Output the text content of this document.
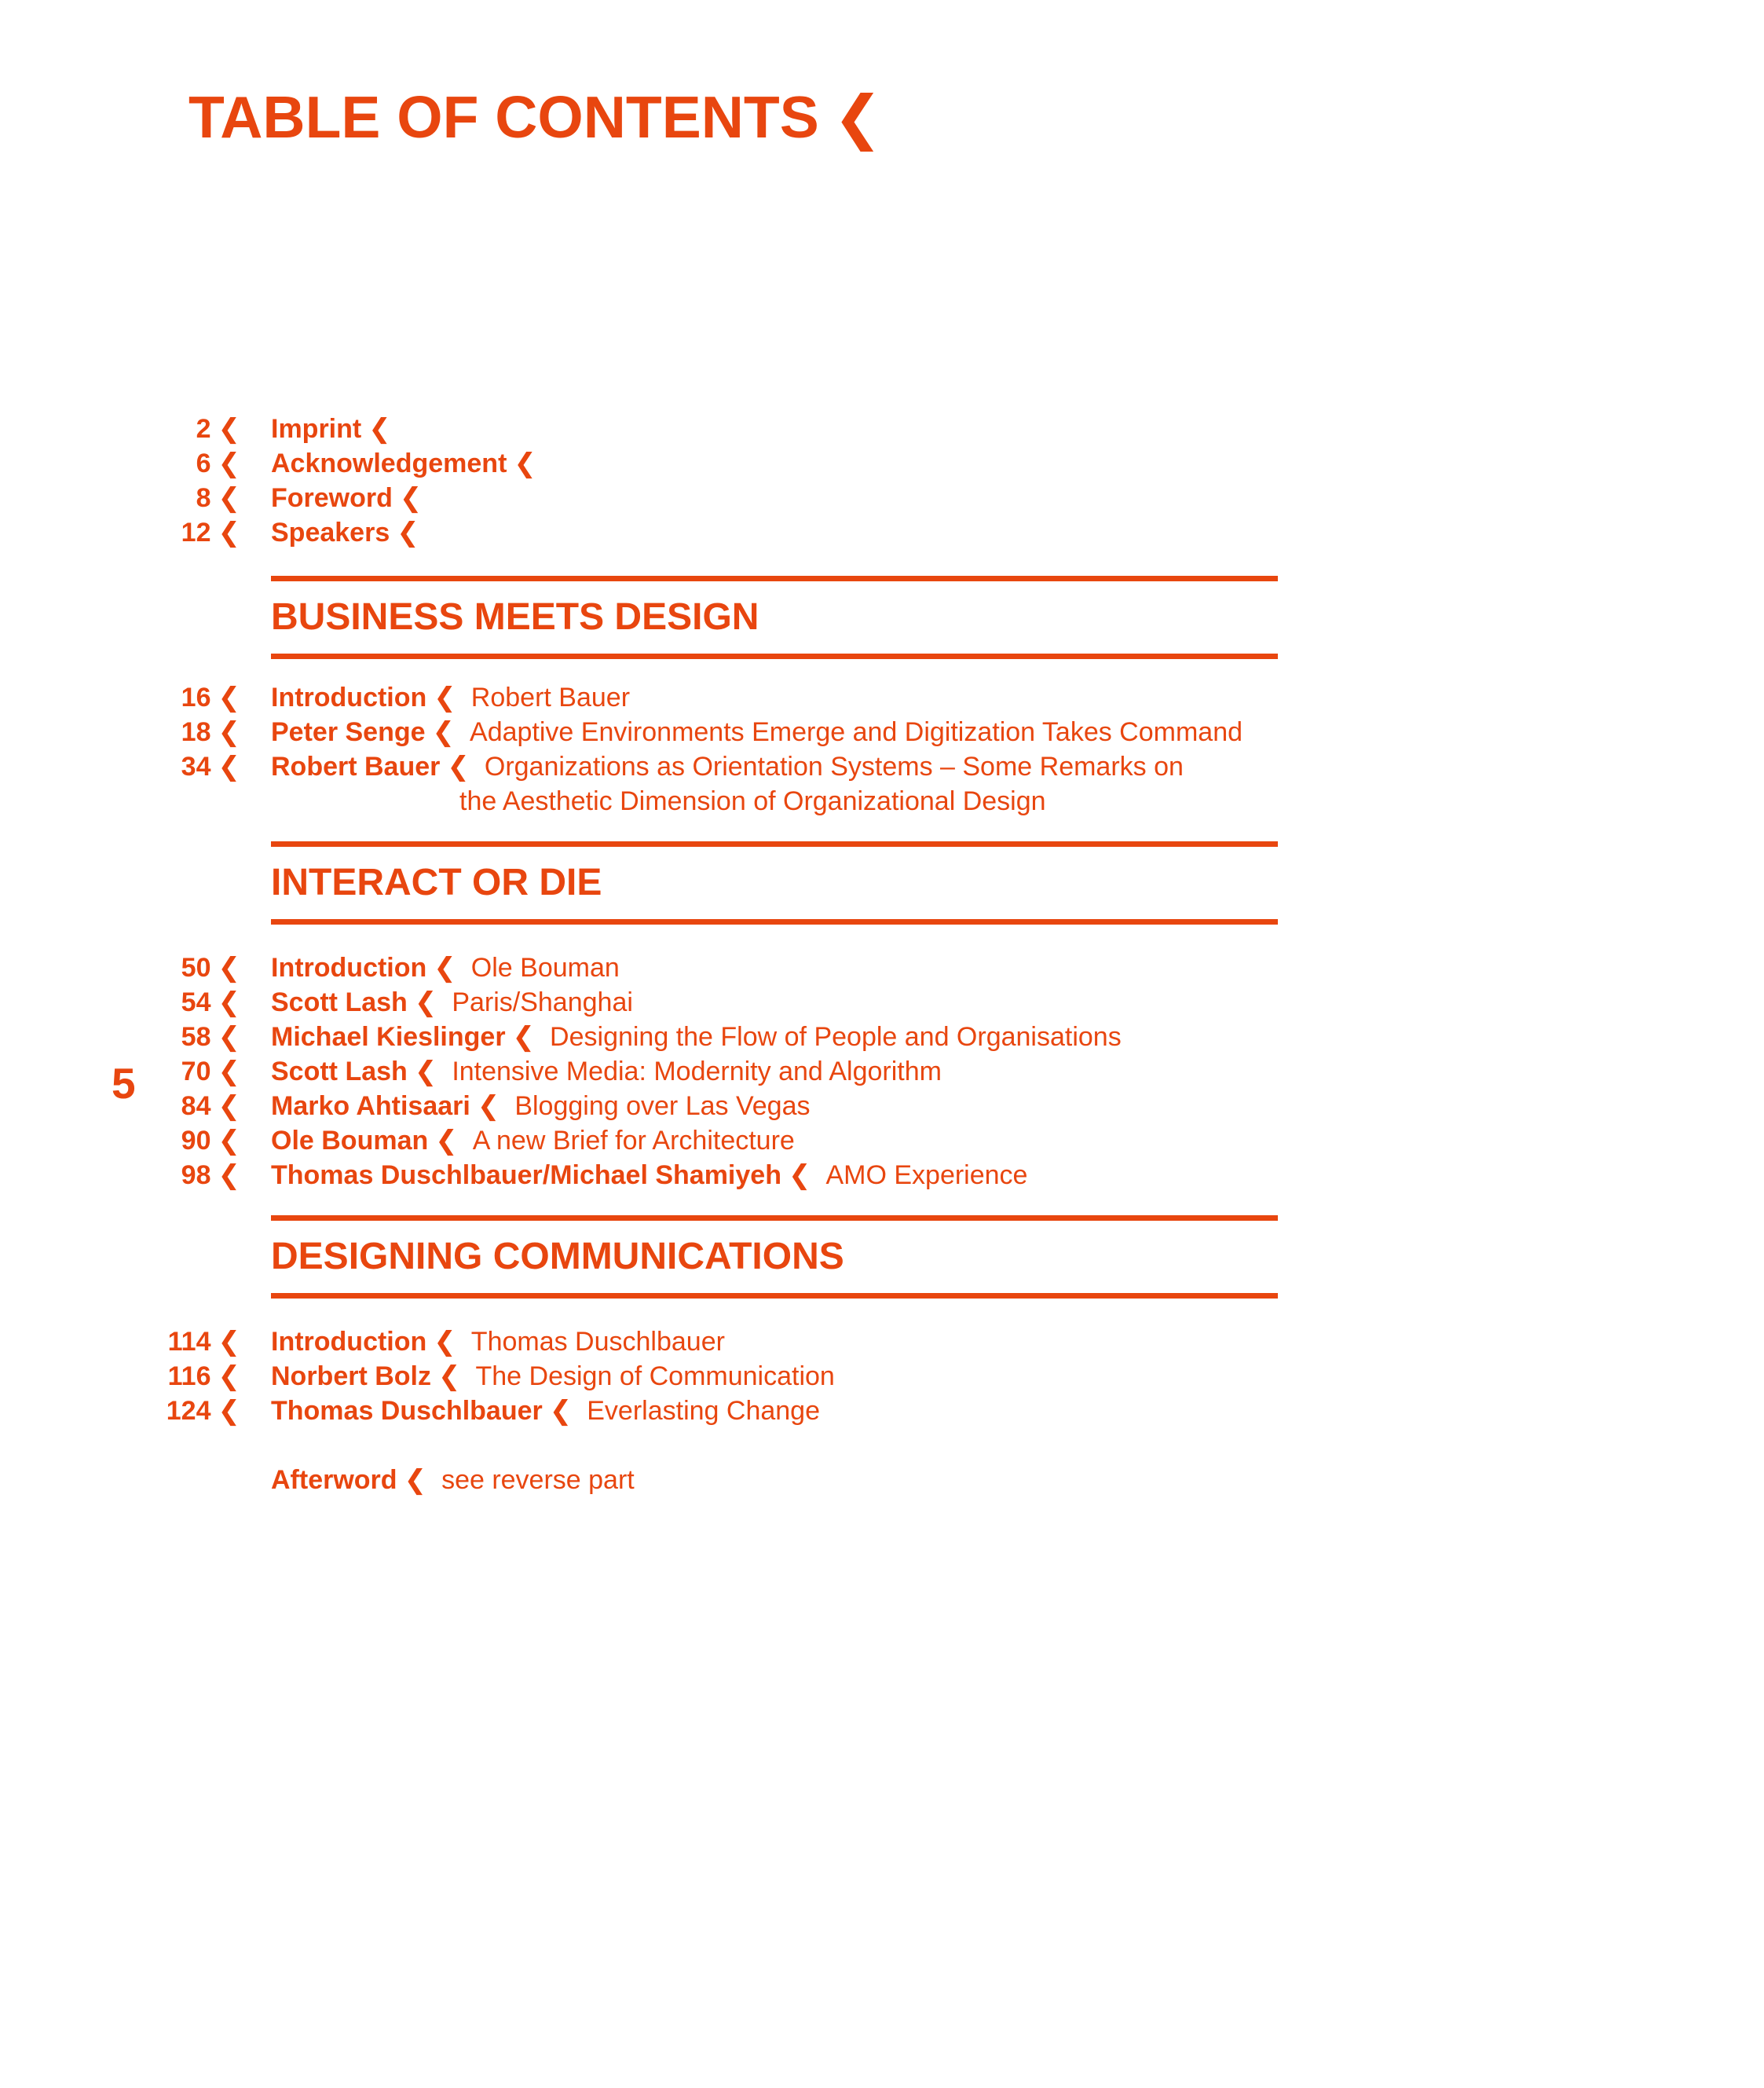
TABLE OF CONTENTS ❮
5
2 ❮ Imprint ❮
6 ❮ Acknowledgement ❮
8 ❮ Foreword ❮
12 ❮ Speakers ❮
BUSINESS MEETS DESIGN
16 ❮ Introduction ❮ Robert Bauer
18 ❮ Peter Senge ❮ Adaptive Environments Emerge and Digitization Takes Command
34 ❮ Robert Bauer ❮ Organizations as Orientation Systems – Some Remarks on
the Aesthetic Dimension of Organizational Design
INTERACT OR DIE
50 ❮ Introduction ❮ Ole Bouman
54 ❮ Scott Lash ❮ Paris/Shanghai
58 ❮ Michael Kieslinger ❮ Designing the Flow of People and Organisations
70 ❮ Scott Lash ❮ Intensive Media: Modernity and Algorithm
84 ❮ Marko Ahtisaari ❮ Blogging over Las Vegas
90 ❮ Ole Bouman ❮ A new Brief for Architecture
98 ❮ Thomas Duschlbauer/Michael Shamiyeh ❮ AMO Experience
DESIGNING COMMUNICATIONS
114 ❮ Introduction ❮ Thomas Duschlbauer
116 ❮ Norbert Bolz ❮ The Design of Communication
124 ❮ Thomas Duschlbauer ❮ Everlasting Change
Afterword ❮ see reverse part
